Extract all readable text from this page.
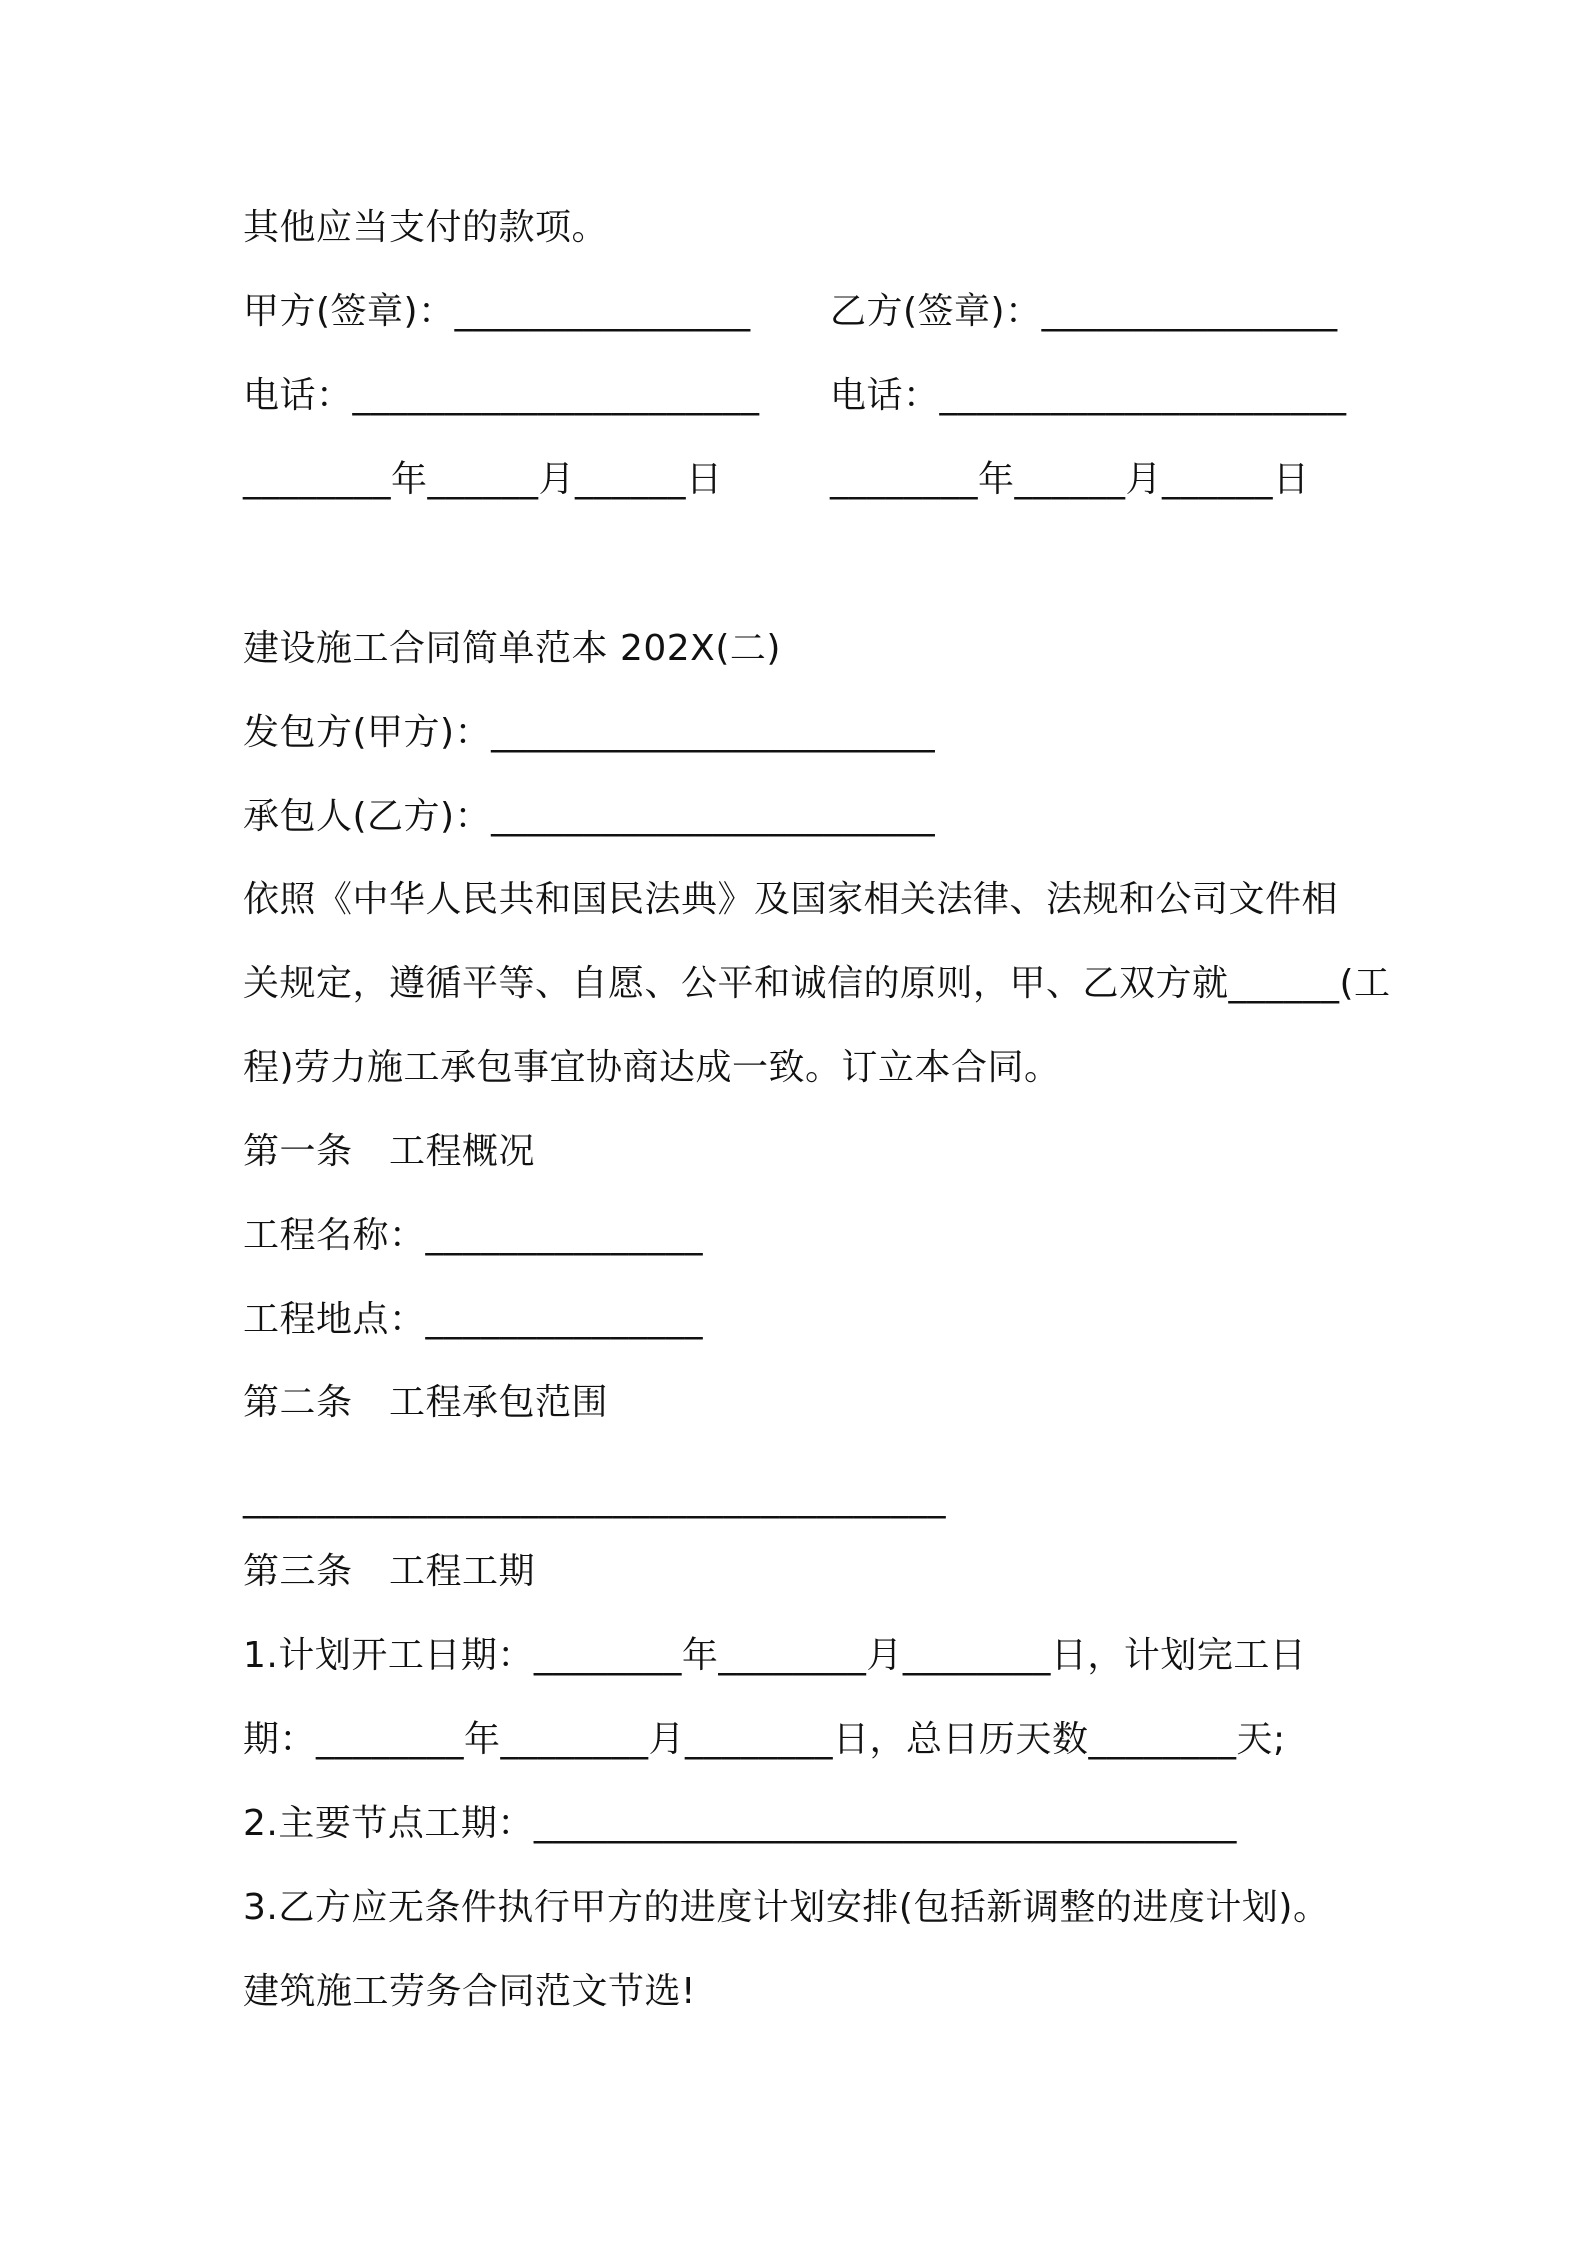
其他应当支付的款项。
甲方(签章)：________________ 乙方(签章)：________________
电话：______________________ 电话：______________________
________年______月______日	________年______月______日
建设施工合同简单范本 202X(二)
发包方(甲方)：________________________
承包人(乙方)：________________________
依照《中华人民共和国民法典》及国家相关法律、法规和公司文件相
关规定，遵循平等、自愿、公平和诚信的原则，甲、乙双方就______(工
程)劳力施工承包事宜协商达成一致。订立本合同。
第一条　工程概况
工程名称：_______________
工程地点：_______________
第二条　工程承包范围
______________________________________
第三条　工程工期
1.计划开工日期：________年________月________日，计划完工日
期：________年________月________日，总日历天数________天;
2.主要节点工期：______________________________________
3.乙方应无条件执行甲方的进度计划安排(包括新调整的进度计划)。
建筑施工劳务合同范文节选!
